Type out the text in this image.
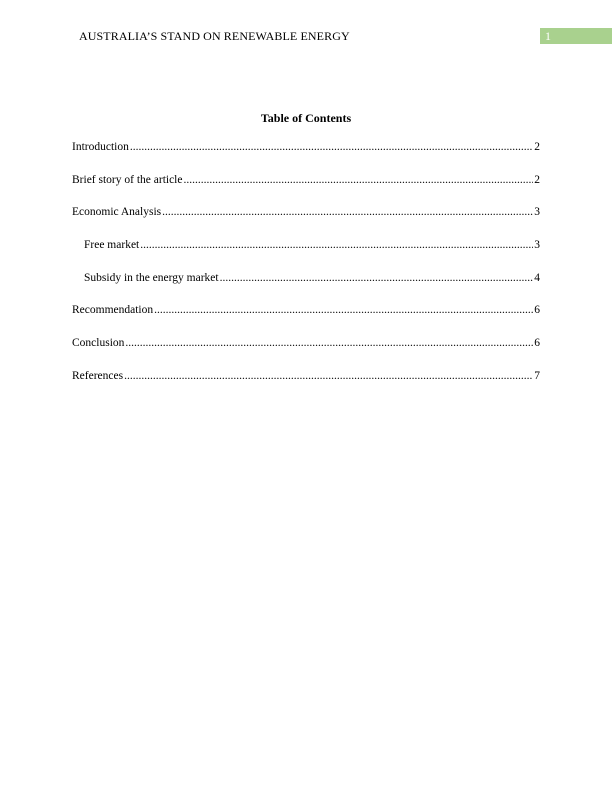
AUSTRALIA’S STAND ON RENEWABLE ENERGY	1
Table of Contents
Introduction .....	2
Brief story of the article .....	2
Economic Analysis .....	3
Free market .....	3
Subsidy in the energy market .....	4
Recommendation .....	6
Conclusion .....	6
References .....	7
